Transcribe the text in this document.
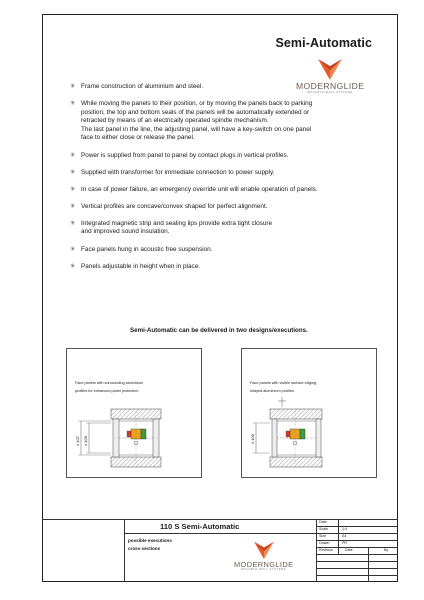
Semi-Automatic
MODERNGLIDE
MOVABLE WALL SYSTEMS
✳ Frame construction of aluminium and steel.
✳ While moving the panels to their position, or by moving the panels back to parking
position, the top and bottom seals of the panels will be automatically extended or
retracted by means of an electrically operated spindle mechanism.
The last panel in the line, the adjusting panel, will have a key-switch on one panel
face to either close or release the panel.
✳ Power is supplied from panel to panel by contact plugs in vertical profiles.
✳ Supplied with transformer for immediate connection to power supply.
✳ In case of power failure, an emergency override unit will enable operation of panels.
✳ Vertical profiles are concave/convex shaped for perfect alignment.
✳ Integrated magnetic strip and sealing lips provide extra tight closure
and improved sound insulation.
✳ Face panels hung in acoustic free suspension.
✳ Panels adjustable in height when in place.
Semi-Automatic can be delivered in two designs/executions.
Face panels with surrounding aluminium
profiles for enhanced panel protection
± 107 ± 103
Face panels with visible surface edging.
Inlayed aluminium profiles
± 100
110 S Semi-Automatic
possible executions
cross sections
MODERNGLIDE
MOVABLE WALL SYSTEMS
Date
Scale	1:4
Size	A4
Drawn	PR
Revision	Date	By
